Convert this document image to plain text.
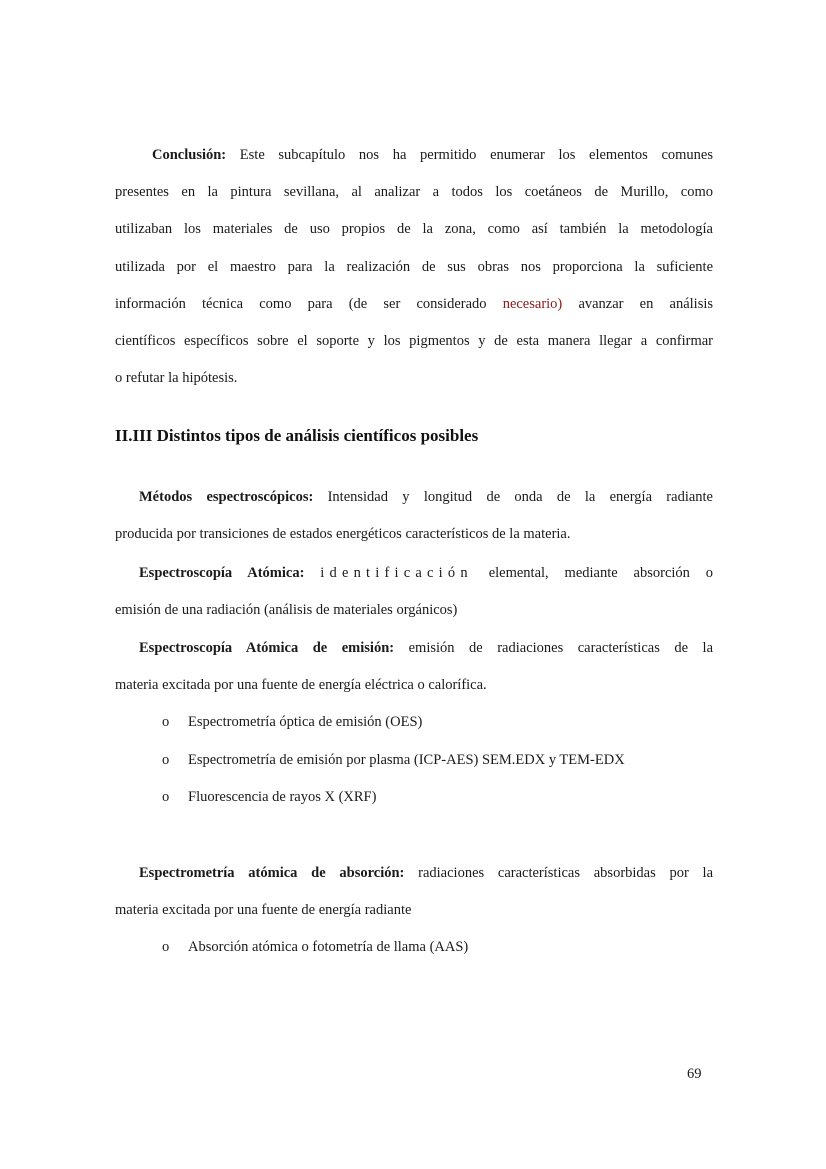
Conclusión: Este subcapítulo nos ha permitido enumerar los elementos comunes
presentes en la pintura sevillana, al analizar a todos los coetáneos de Murillo, como
utilizaban los materiales de uso propios de la zona, como así también la metodología
utilizada por el maestro para la realización de sus obras nos proporciona la suficiente
información técnica como para (de ser considerado necesario) avanzar en análisis
científicos específicos sobre el soporte y los pigmentos y de esta manera llegar a confirmar
o refutar la hipótesis.
II.III Distintos tipos de análisis científicos posibles
Métodos espectroscópicos: Intensidad y longitud de onda de la energía radiante
producida por transiciones de estados energéticos característicos de la materia.
Espectroscopía Atómica: identificación elemental, mediante absorción o
emisión de una radiación (análisis de materiales orgánicos)
Espectroscopía Atómica de emisión: emisión de radiaciones características de la
materia excitada por una fuente de energía eléctrica o calorífica.
o Espectrometría óptica de emisión (OES)
o Espectrometría de emisión por plasma (ICP-AES) SEM.EDX y TEM-EDX
o Fluorescencia de rayos X (XRF)
Espectrometría atómica de absorción: radiaciones características absorbidas por la
materia excitada por una fuente de energía radiante
o Absorción atómica o fotometría de llama (AAS)
69
